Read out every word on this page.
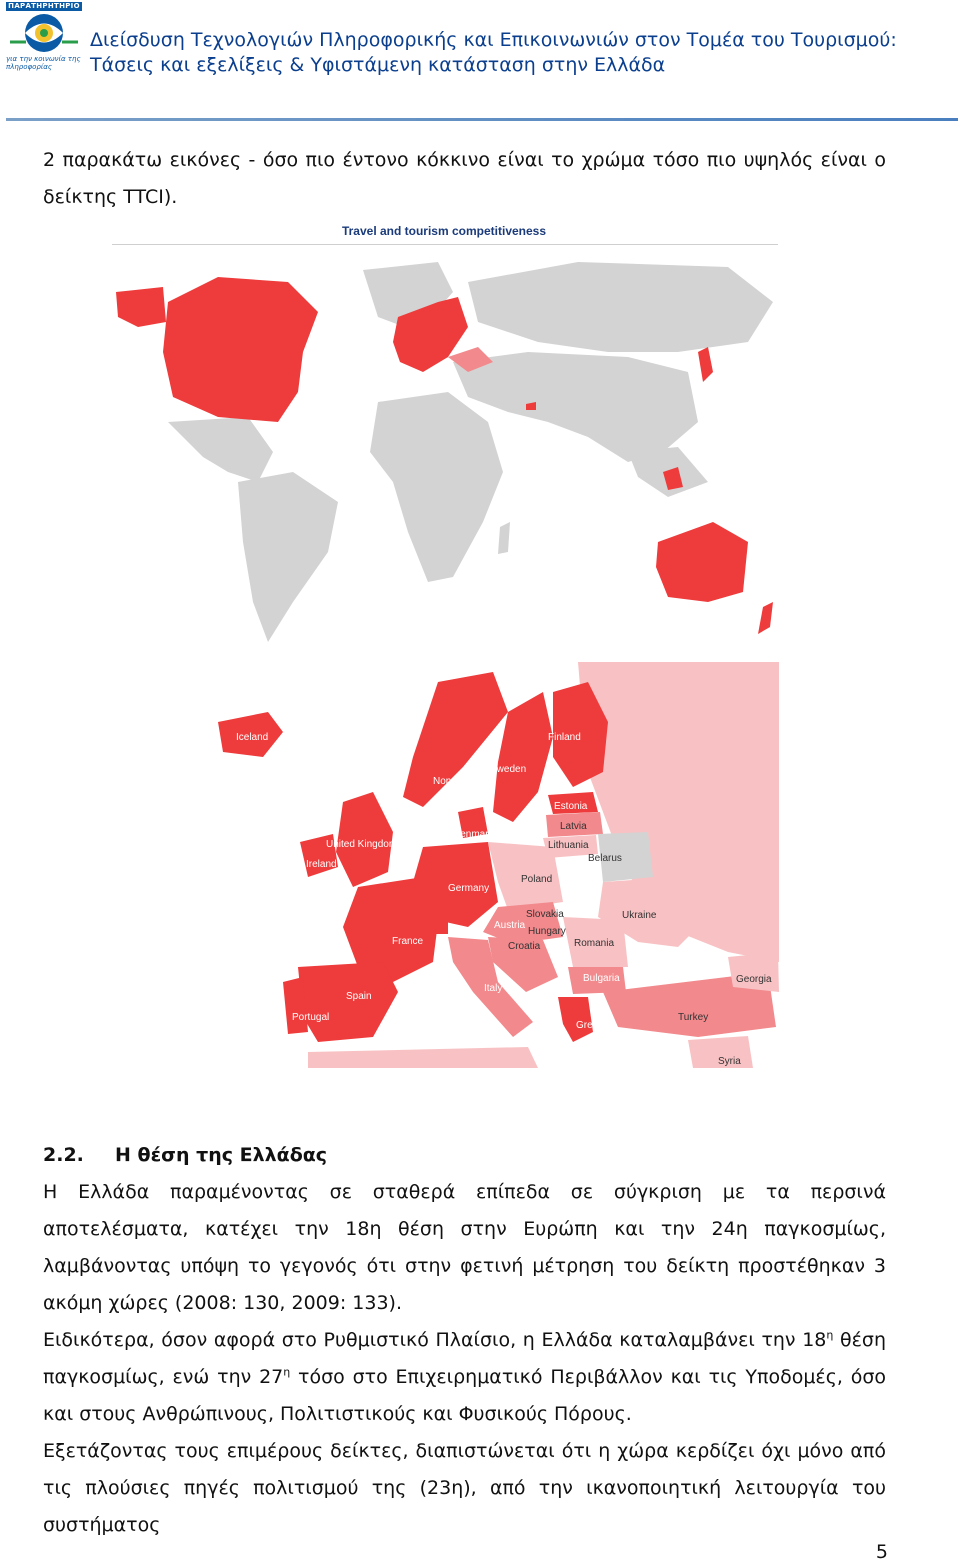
ΠΑΡΑΤΗΡΗΤΗΡΙΟ
για την κοινωνία της πληροφορίας
Διείσδυση Τεχνολογιών Πληροφορικής και Επικοινωνιών στον Τομέα του Τουρισμού:
Τάσεις και εξελίξεις & Υφιστάμενη κατάσταση στην Ελλάδα
2 παρακάτω εικόνες - όσο πιο έντονο κόκκινο είναι το χρώμα τόσο πιο υψηλός είναι ο δείκτης TTCI).
Travel and tourism competitiveness
Iceland	Finland
Norway
Sweden
Estonia
Latvia
Denmark
Lithuania
United Kingdom
Belarus
Ireland
Poland
Germany
Slovakia	Ukraine
Austria
Hungary
France	Croatia	Romania
Bulgaria	Georgia
Spain
Italy
Portugal	Turkey
Greece
Syria
2.2. Η θέση της Ελλάδας

Η Ελλάδα παραμένοντας σε σταθερά επίπεδα σε σύγκριση με τα περσινά αποτελέσματα, κατέχει την 18η θέση στην Ευρώπη και την 24η παγκοσμίως, λαμβάνοντας υπόψη το γεγονός ότι στην φετινή μέτρηση του δείκτη προστέθηκαν 3 ακόμη χώρες (2008: 130, 2009: 133).

Ειδικότερα, όσον αφορά στο Ρυθμιστικό Πλαίσιο, η Ελλάδα καταλαμβάνει την $18^\eta$ θέση παγκοσμίως, ενώ την $27^\eta$ τόσο στο Επιχειρηματικό Περιβάλλον και τις Υποδομές, όσο και στους Ανθρώπινους, Πολιτιστικούς και Φυσικούς Πόρους.

Εξετάζοντας τους επιμέρους δείκτες, διαπιστώνεται ότι η χώρα κερδίζει όχι μόνο από τις πλούσιες πηγές πολιτισμού της (23η), από την ικανοποιητική λειτουργία του συστήματος

5
